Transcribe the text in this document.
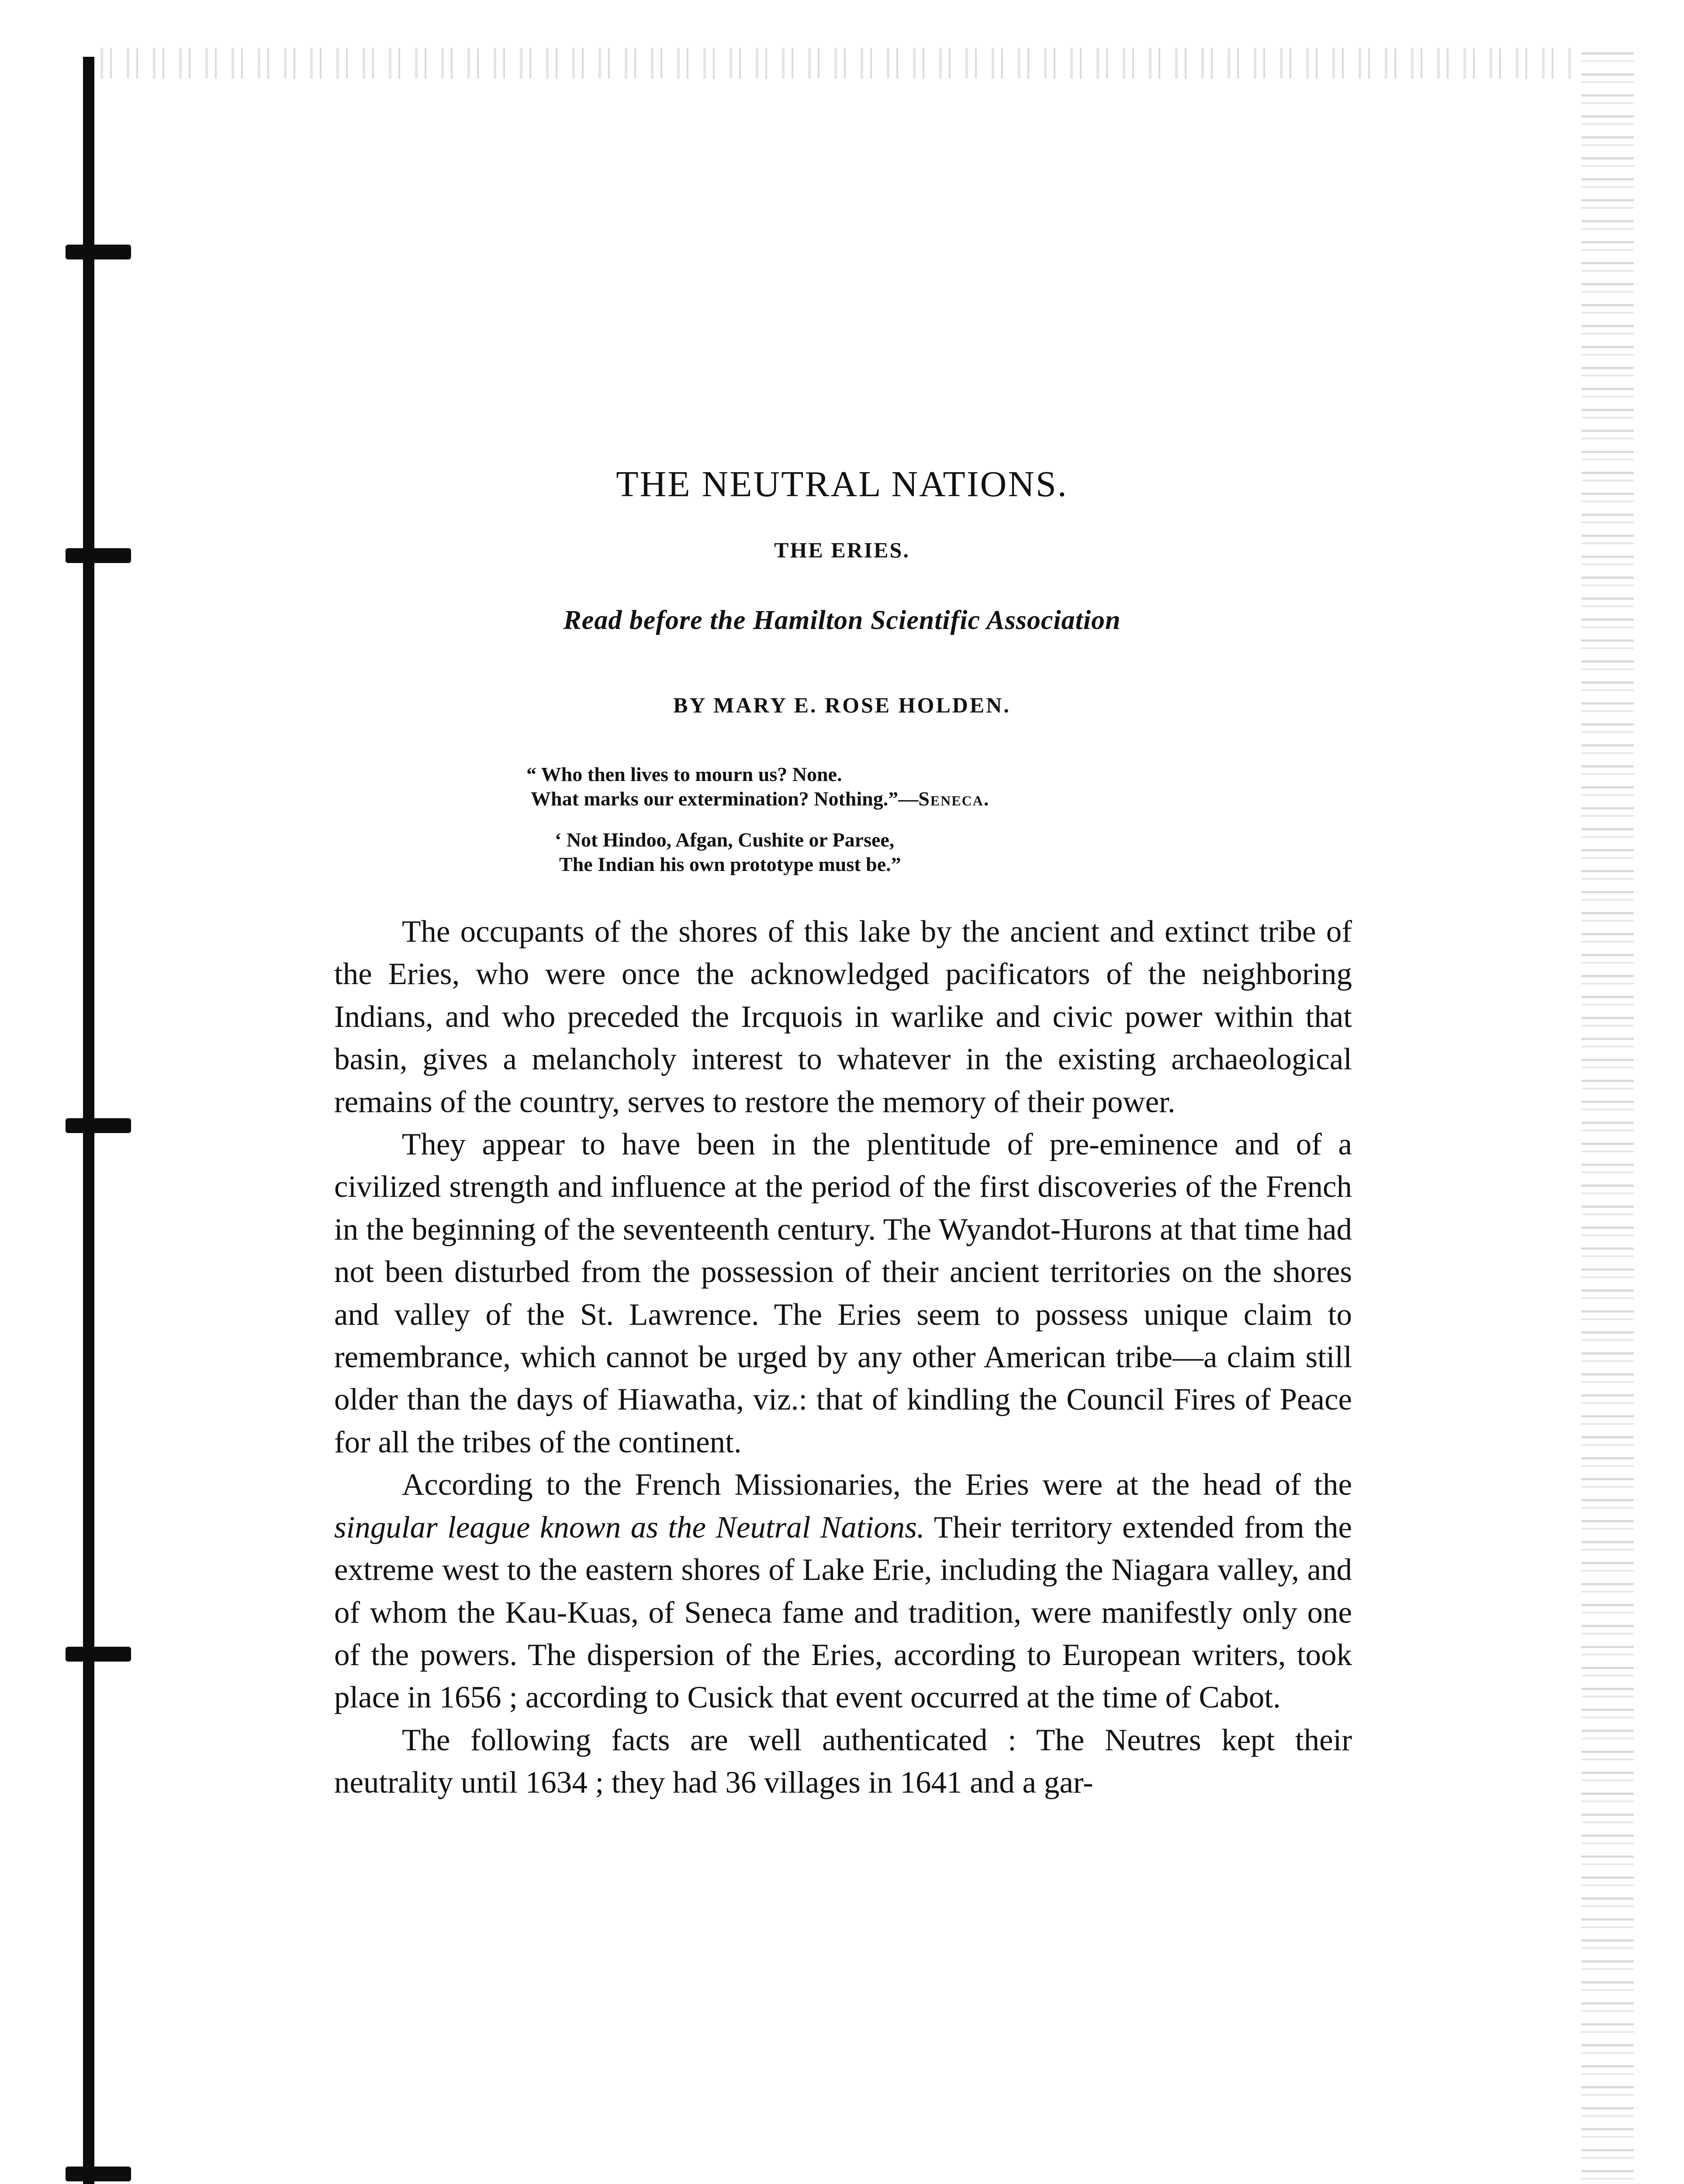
THE NEUTRAL NATIONS.
THE ERIES.
Read before the Hamilton Scientific Association
BY MARY E. ROSE HOLDEN.
“ Who then lives to mourn us? None.
What marks our extermination? Nothing.”—Seneca.
‘ Not Hindoo, Afgan, Cushite or Parsee,
The Indian his own prototype must be.”

The occupants of the shores of this lake by the ancient and extinct tribe of the Eries, who were once the acknowledged pacificators of the neighboring Indians, and who preceded the Ircquois in warlike and civic power within that basin, gives a melancholy interest to whatever in the existing archaeological remains of the country, serves to restore the memory of their power.

They appear to have been in the plentitude of pre-eminence and of a civilized strength and influence at the period of the first discoveries of the French in the beginning of the seventeenth century. The Wyandot-Hurons at that time had not been disturbed from the possession of their ancient territories on the shores and valley of the St. Lawrence. The Eries seem to possess unique claim to remembrance, which cannot be urged by any other American tribe—a claim still older than the days of Hiawatha, viz.: that of kindling the Council Fires of Peace for all the tribes of the continent.

According to the French Missionaries, the Eries were at the head of the singular league known as the Neutral Nations. Their territory extended from the extreme west to the eastern shores of Lake Erie, including the Niagara valley, and of whom the Kau-Kuas, of Seneca fame and tradition, were manifestly only one of the powers. The dispersion of the Eries, according to European writers, took place in 1656 ; according to Cusick that event occurred at the time of Cabot.

The following facts are well authenticated : The Neutres kept their neutrality until 1634 ; they had 36 villages in 1641 and a gar-
